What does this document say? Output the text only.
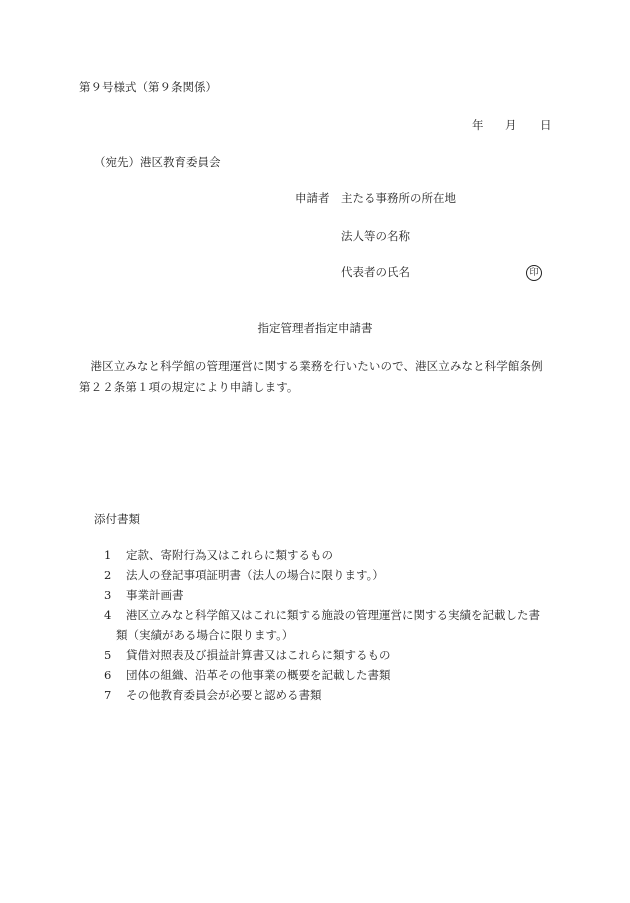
第９号様式（第９条関係）
年 月 日
（宛先）港区教育委員会
申請者 主たる事務所の所在地
法人等の名称
代表者の氏名	印
指定管理者指定申請書
港区立みなと科学館の管理運営に関する業務を行いたいので、港区立みなと科学館条例第２２条第１項の規定により申請します。
添付書類
1 定款、寄附行為又はこれらに類するもの
2 法人の登記事項証明書（法人の場合に限ります。）
3 事業計画書
4 港区立みなと科学館又はこれに類する施設の管理運営に関する実績を記載した書
類（実績がある場合に限ります。）
5 貸借対照表及び損益計算書又はこれらに類するもの
6 団体の組織、沿革その他事業の概要を記載した書類
7 その他教育委員会が必要と認める書類
